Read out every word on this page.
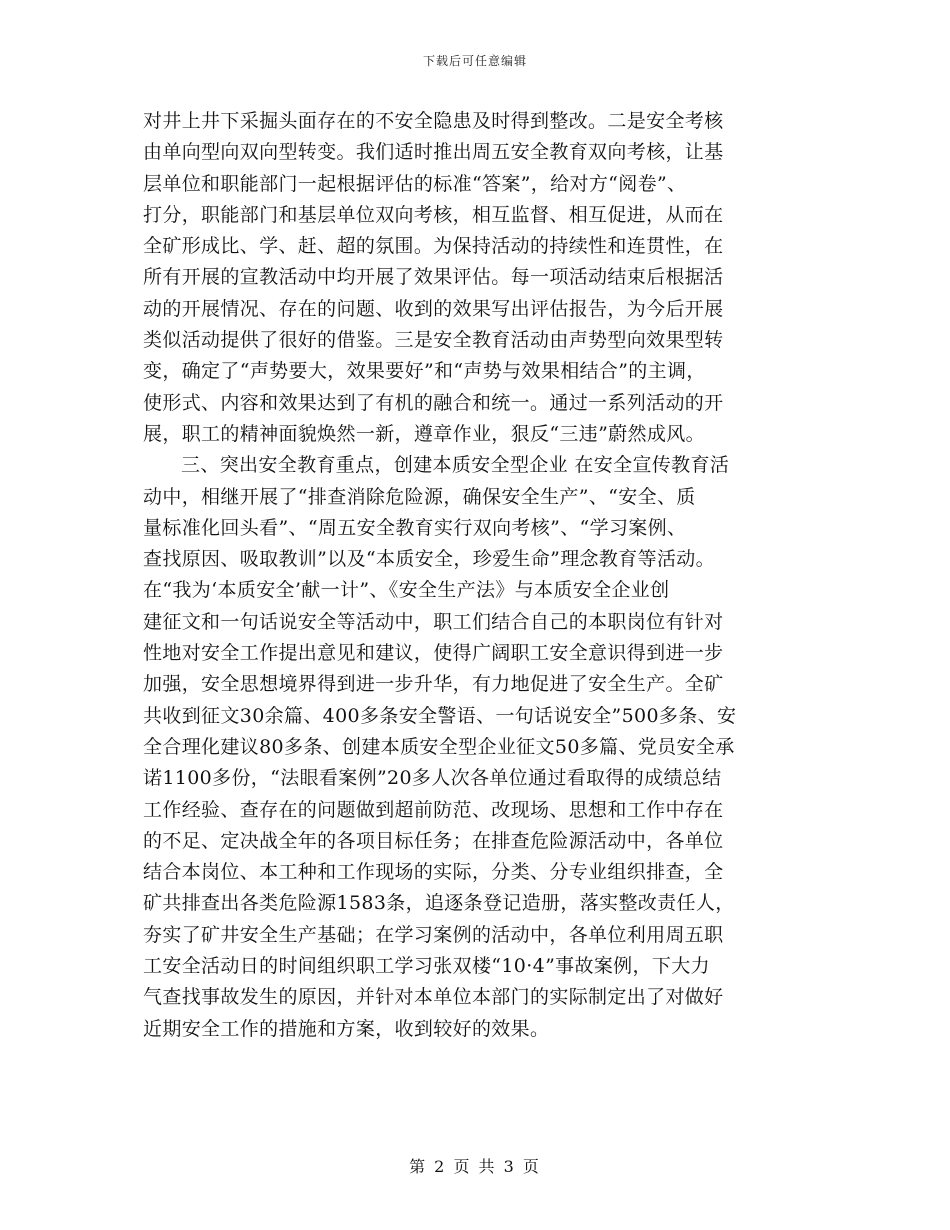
下载后可任意编辑
对井上井下采掘头面存在的不安全隐患及时得到整改。二是安全考核
由单向型向双向型转变。我们适时推出周五安全教育双向考核，让基
层单位和职能部门一起根据评估的标准“答案”，给对方“阅卷”、
打分，职能部门和基层单位双向考核，相互监督、相互促进，从而在
全矿形成比、学、赶、超的氛围。为保持活动的持续性和连贯性，在
所有开展的宣教活动中均开展了效果评估。每一项活动结束后根据活
动的开展情况、存在的问题、收到的效果写出评估报告，为今后开展
类似活动提供了很好的借鉴。三是安全教育活动由声势型向效果型转
变，确定了“声势要大，效果要好”和“声势与效果相结合”的主调，
使形式、内容和效果达到了有机的融合和统一。通过一系列活动的开
展，职工的精神面貌焕然一新，遵章作业，狠反“三违”蔚然成风。
三、突出安全教育重点，创建本质安全型企业 在安全宣传教育活
动中，相继开展了“排查消除危险源，确保安全生产”、“安全、质
量标准化回头看”、“周五安全教育实行双向考核”、“学习案例、
查找原因、吸取教训”以及“本质安全，珍爱生命”理念教育等活动。
在“我为‘本质安全’献一计”、《安全生产法》与本质安全企业创
建征文和一句话说安全等活动中，职工们结合自己的本职岗位有针对
性地对安全工作提出意见和建议，使得广阔职工安全意识得到进一步
加强，安全思想境界得到进一步升华，有力地促进了安全生产。全矿
共收到征文30余篇、400多条安全警语、一句话说安全”500多条、安
全合理化建议80多条、创建本质安全型企业征文50多篇、党员安全承
诺1100多份，“法眼看案例”20多人次各单位通过看取得的成绩总结
工作经验、查存在的问题做到超前防范、改现场、思想和工作中存在
的不足、定决战全年的各项目标任务；在排查危险源活动中，各单位
结合本岗位、本工种和工作现场的实际，分类、分专业组织排查，全
矿共排查出各类危险源1583条，追逐条登记造册，落实整改责任人，
夯实了矿井安全生产基础；在学习案例的活动中，各单位利用周五职
工安全活动日的时间组织职工学习张双楼“10·4”事故案例，下大力
气查找事故发生的原因，并针对本单位本部门的实际制定出了对做好
近期安全工作的措施和方案，收到较好的效果。
第 2 页 共 3 页
